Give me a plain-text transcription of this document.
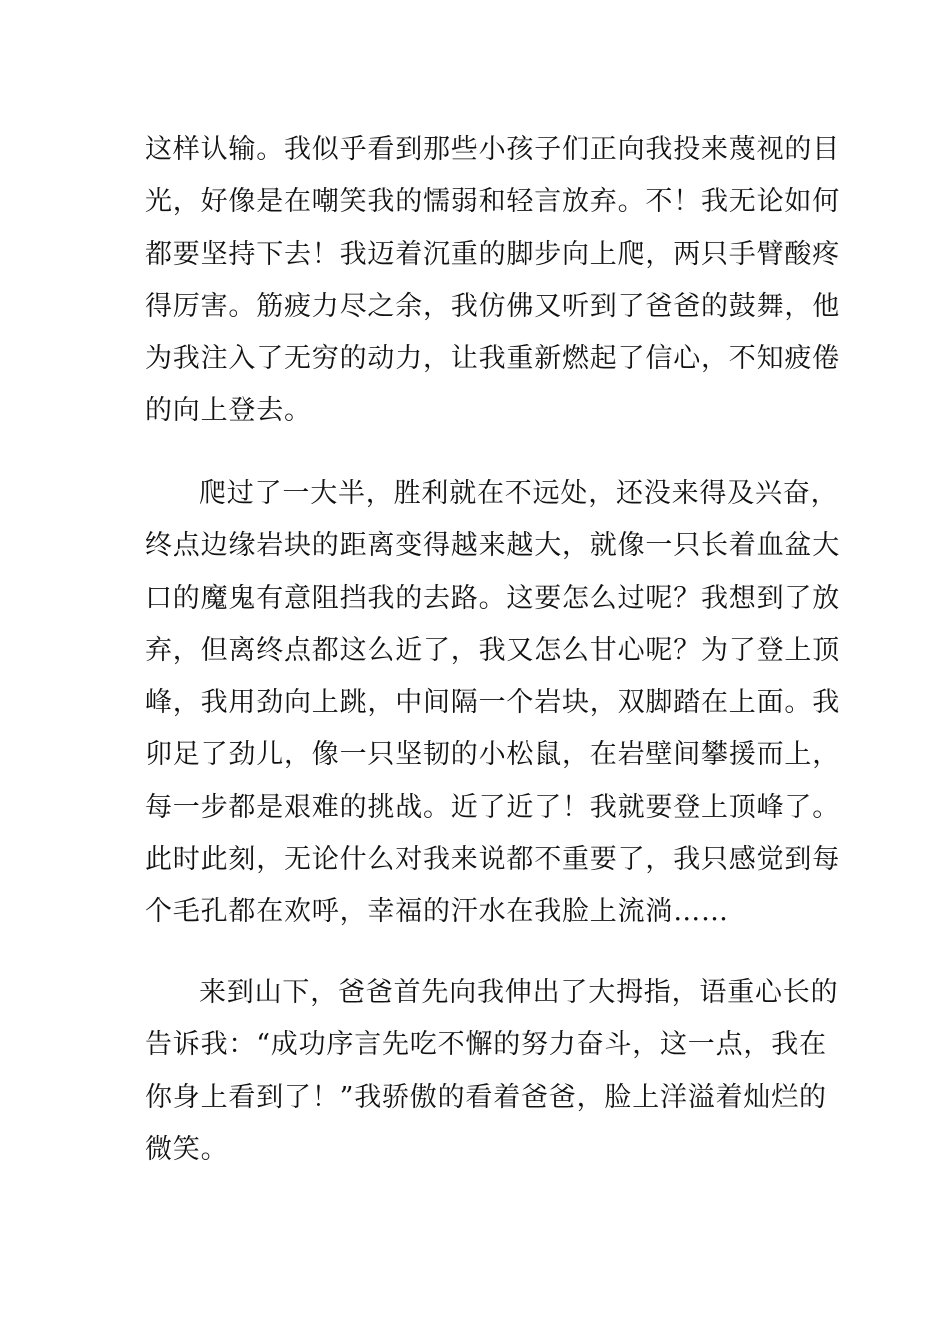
这样认输。我似乎看到那些小孩子们正向我投来蔑视的目
光，好像是在嘲笑我的懦弱和轻言放弃。不！我无论如何
都要坚持下去！我迈着沉重的脚步向上爬，两只手臂酸疼
得厉害。筋疲力尽之余，我仿佛又听到了爸爸的鼓舞，他
为我注入了无穷的动力，让我重新燃起了信心，不知疲倦
的向上登去。

爬过了一大半，胜利就在不远处，还没来得及兴奋，
终点边缘岩块的距离变得越来越大，就像一只长着血盆大
口的魔鬼有意阻挡我的去路。这要怎么过呢？我想到了放
弃，但离终点都这么近了，我又怎么甘心呢？为了登上顶
峰，我用劲向上跳，中间隔一个岩块，双脚踏在上面。我
卯足了劲儿，像一只坚韧的小松鼠，在岩壁间攀援而上，
每一步都是艰难的挑战。近了近了！我就要登上顶峰了。
此时此刻，无论什么对我来说都不重要了，我只感觉到每
个毛孔都在欢呼，幸福的汗水在我脸上流淌……

来到山下，爸爸首先向我伸出了大拇指，语重心长的
告诉我：“成功序言先吃不懈的努力奋斗，这一点，我在
你身上看到了！”我骄傲的看着爸爸，脸上洋溢着灿烂的
微笑。
